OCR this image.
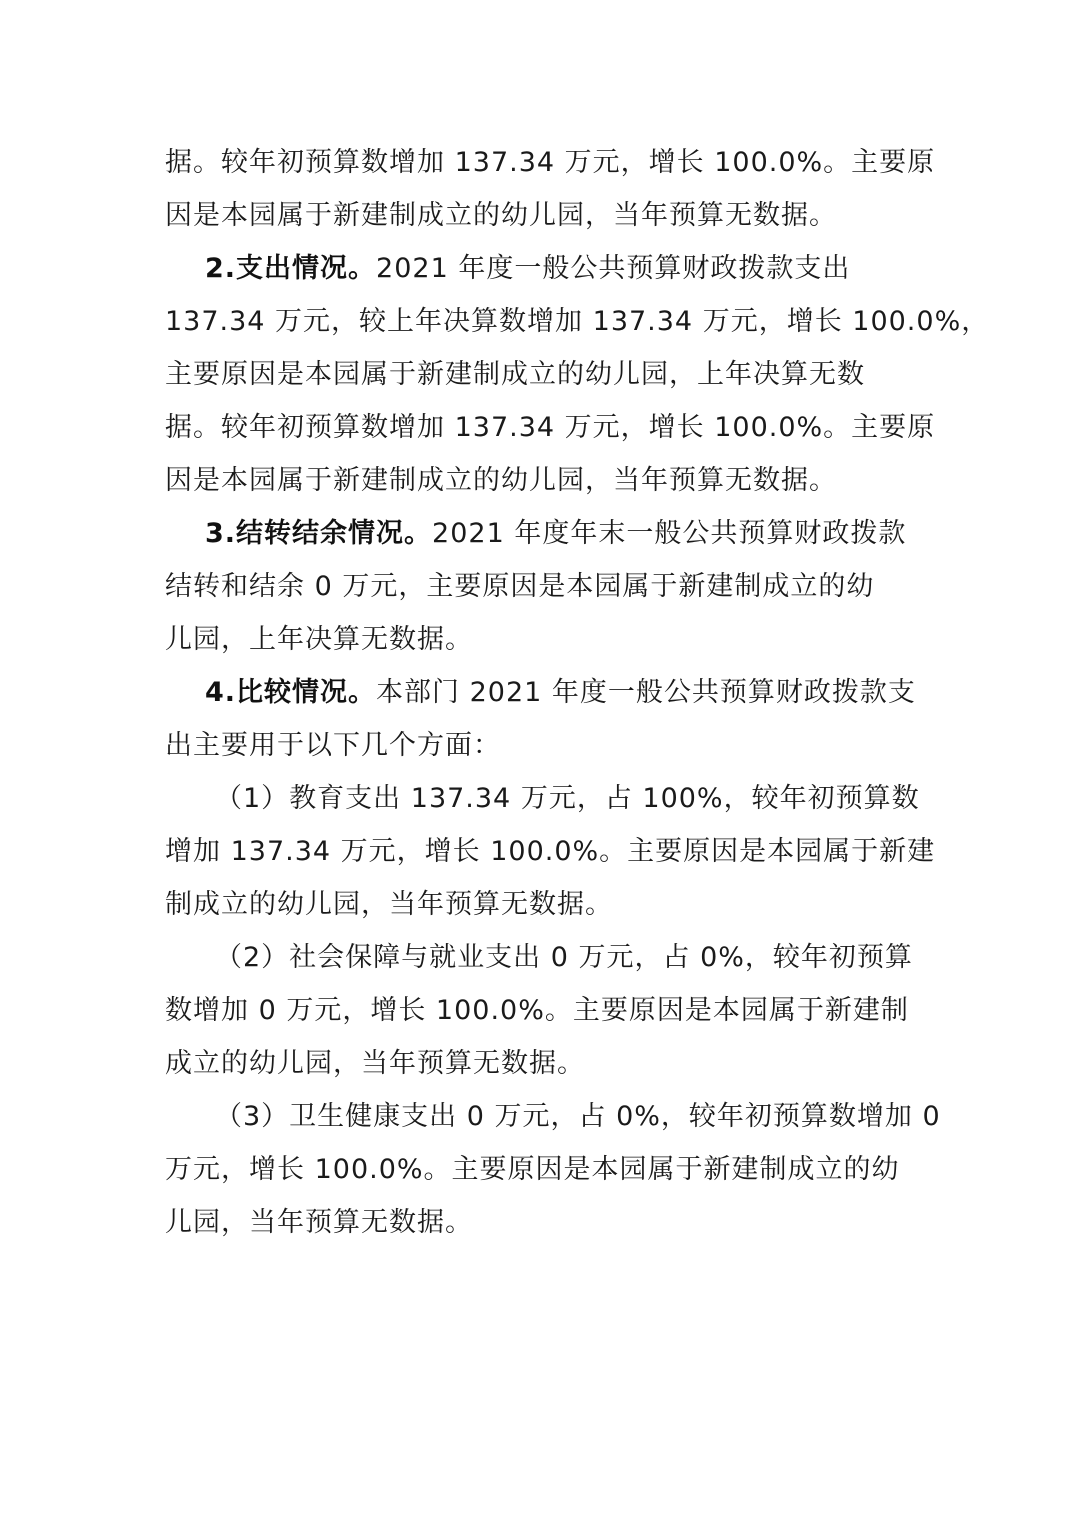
据。较年初预算数增加 137.34 万元，增长 100.0%。主要原
因是本园属于新建制成立的幼儿园，当年预算无数据。

2.支出情况。2021 年度一般公共预算财政拨款支出
137.34 万元，较上年决算数增加 137.34 万元，增长 100.0%，
主要原因是本园属于新建制成立的幼儿园，上年决算无数
据。较年初预算数增加 137.34 万元，增长 100.0%。主要原
因是本园属于新建制成立的幼儿园，当年预算无数据。

3.结转结余情况。2021 年度年末一般公共预算财政拨款
结转和结余 0 万元，主要原因是本园属于新建制成立的幼
儿园，上年决算无数据。

4.比较情况。本部门 2021 年度一般公共预算财政拨款支
出主要用于以下几个方面：

（1）教育支出 137.34 万元，占 100%，较年初预算数
增加 137.34 万元，增长 100.0%。主要原因是本园属于新建
制成立的幼儿园，当年预算无数据。

（2）社会保障与就业支出 0 万元，占 0%，较年初预算
数增加 0 万元，增长 100.0%。主要原因是本园属于新建制
成立的幼儿园，当年预算无数据。

（3）卫生健康支出 0 万元，占 0%，较年初预算数增加 0
万元，增长 100.0%。主要原因是本园属于新建制成立的幼
儿园，当年预算无数据。
